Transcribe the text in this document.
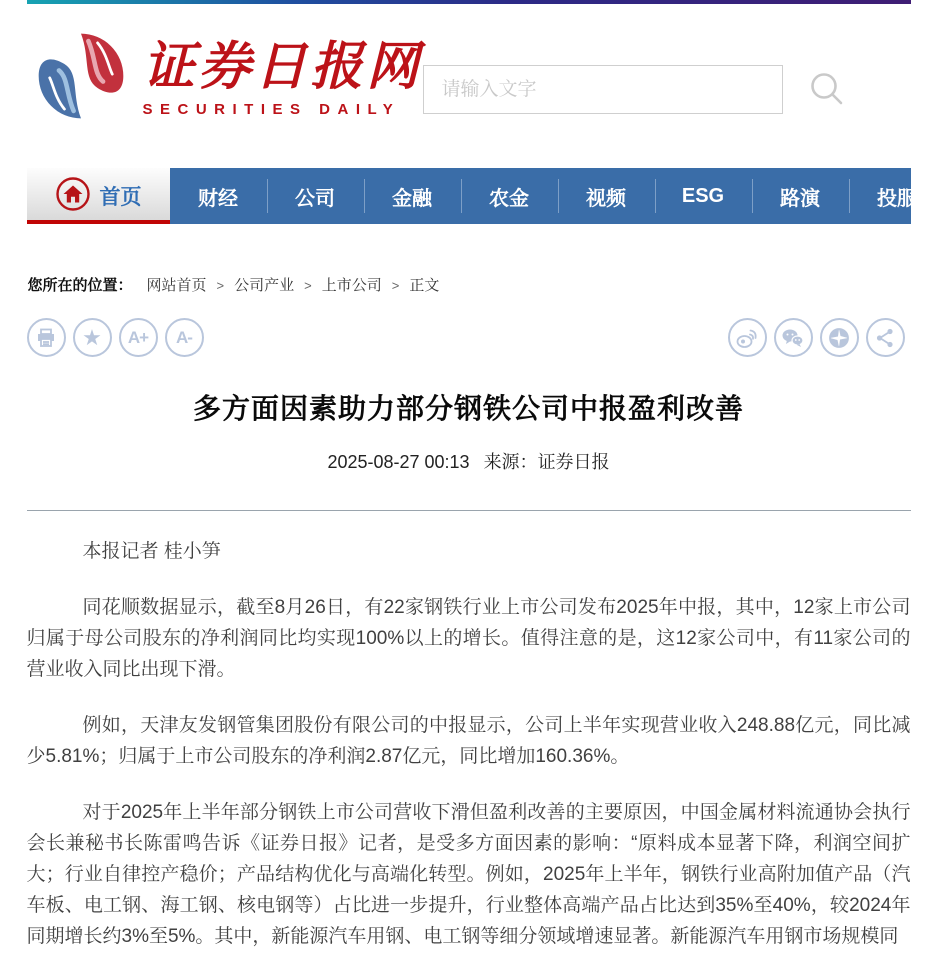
证券日报网
SECURITIES DAILY
请输入文字
首页	财经	公司	金融	农金	视频	ESG	路演	投服
您所在的位置： 网站首页	> 公司产业	> 上市公司	> 正文
★ A+ A-
多方面因素助力部分钢铁公司中报盈利改善
2025-08-27 00:13 来源：证券日报

本报记者 桂小笋

同花顺数据显示，截至8月26日，有22家钢铁行业上市公司发布2025年中报，其中，12家上市公司归属于母公司股东的净利润同比均实现100%以上的增长。值得注意的是，这12家公司中，有11家公司的营业收入同比出现下滑。

例如，天津友发钢管集团股份有限公司的中报显示，公司上半年实现营业收入248.88亿元，同比减少5.81%；归属于上市公司股东的净利润2.87亿元，同比增加160.36%。

对于2025年上半年部分钢铁上市公司营收下滑但盈利改善的主要原因，中国金属材料流通协会执行会长兼秘书长陈雷鸣告诉《证券日报》记者，是受多方面因素的影响：“原料成本显著下降，利润空间扩大；行业自律控产稳价；产品结构优化与高端化转型。例如，2025年上半年，钢铁行业高附加值产品（汽车板、电工钢、海工钢、核电钢等）占比进一步提升，行业整体高端产品占比达到35%至40%，较2024年同期增长约3%至5%。其中，新能源汽车用钢、电工钢等细分领域增速显著。新能源汽车用钢市场规模同
